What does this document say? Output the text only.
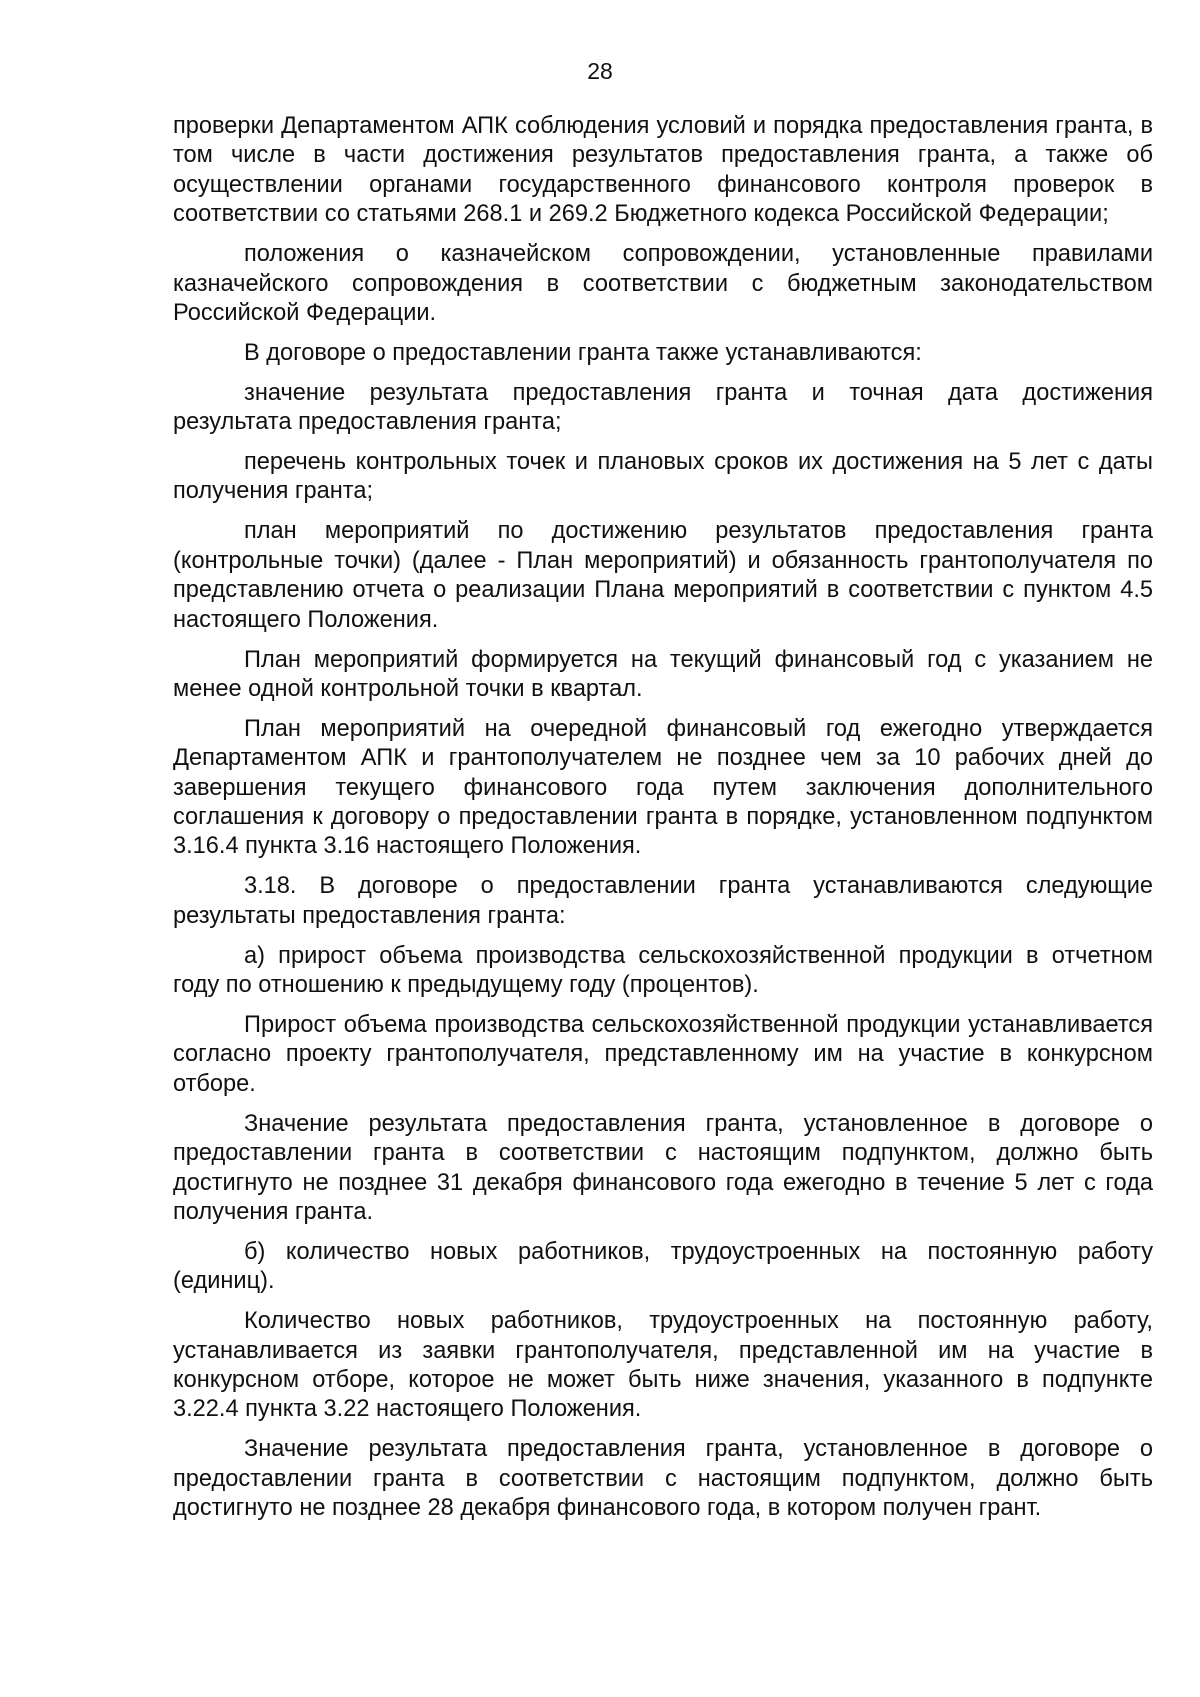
28

проверки Департаментом АПК соблюдения условий и порядка предоставления гранта, в том числе в части достижения результатов предоставления гранта, а также об осуществлении органами государственного финансового контроля проверок в соответствии со статьями 268.1 и 269.2 Бюджетного кодекса Российской Федерации;

положения о казначейском сопровождении, установленные правилами казначейского сопровождения в соответствии с бюджетным законодательством Российской Федерации.

В договоре о предоставлении гранта также устанавливаются:

значение результата предоставления гранта и точная дата достижения результата предоставления гранта;

перечень контрольных точек и плановых сроков их достижения на 5 лет с даты получения гранта;

план мероприятий по достижению результатов предоставления гранта (контрольные точки) (далее - План мероприятий) и обязанность грантополучателя по представлению отчета о реализации Плана мероприятий в соответствии с пунктом 4.5 настоящего Положения.

План мероприятий формируется на текущий финансовый год с указанием не менее одной контрольной точки в квартал.

План мероприятий на очередной финансовый год ежегодно утверждается Департаментом АПК и грантополучателем не позднее чем за 10 рабочих дней до завершения текущего финансового года путем заключения дополнительного соглашения к договору о предоставлении гранта в порядке, установленном подпунктом 3.16.4 пункта 3.16 настоящего Положения.

3.18. В договоре о предоставлении гранта устанавливаются следующие результаты предоставления гранта:

а) прирост объема производства сельскохозяйственной продукции в отчетном году по отношению к предыдущему году (процентов).

Прирост объема производства сельскохозяйственной продукции устанавливается согласно проекту грантополучателя, представленному им на участие в конкурсном отборе.

Значение результата предоставления гранта, установленное в договоре о предоставлении гранта в соответствии с настоящим подпунктом, должно быть достигнуто не позднее 31 декабря финансового года ежегодно в течение 5 лет с года получения гранта.

б) количество новых работников, трудоустроенных на постоянную работу (единиц).

Количество новых работников, трудоустроенных на постоянную работу, устанавливается из заявки грантополучателя, представленной им на участие в конкурсном отборе, которое не может быть ниже значения, указанного в подпункте 3.22.4 пункта 3.22 настоящего Положения.

Значение результата предоставления гранта, установленное в договоре о предоставлении гранта в соответствии с настоящим подпунктом, должно быть достигнуто не позднее 28 декабря финансового года, в котором получен грант.
